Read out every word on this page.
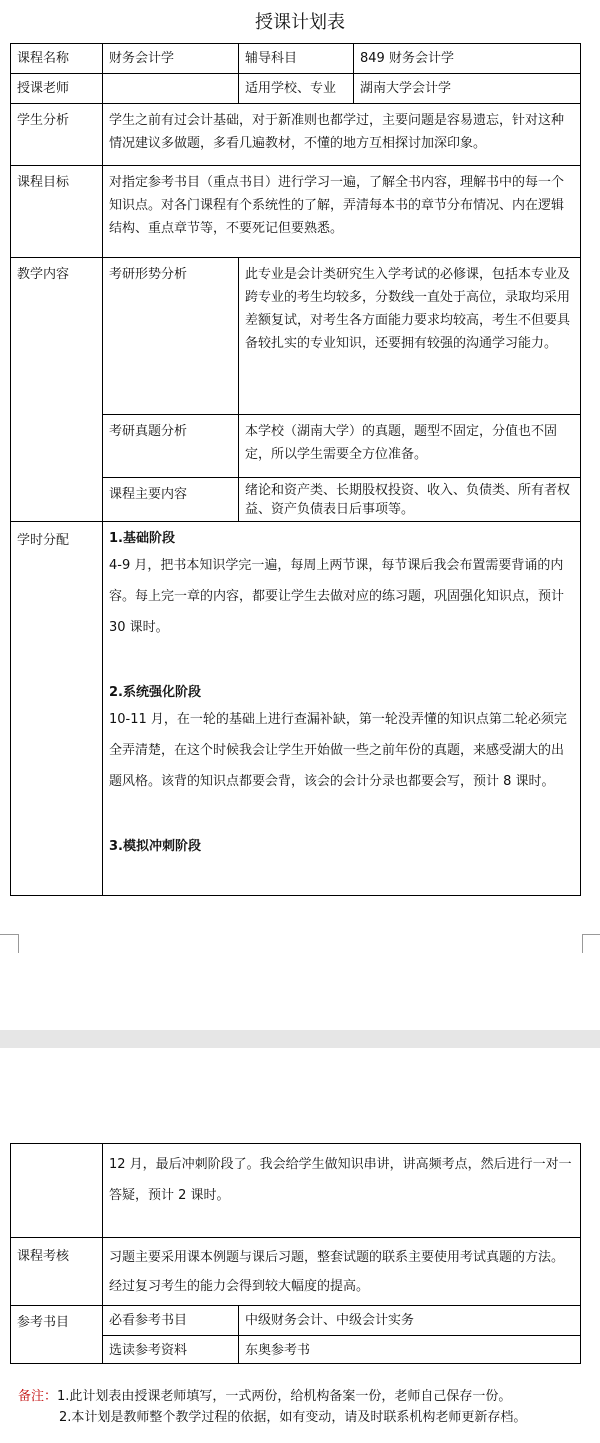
授课计划表
课程名称	财务会计学	辅导科目	849 财务会计学
授课老师		适用学校、专业	湖南大学会计学
学生分析	学生之前有过会计基础，对于新准则也都学过，主要问题是容易遗忘，针对这种情况建议多做题，多看几遍教材，不懂的地方互相探讨加深印象。		
课程目标	对指定参考书目（重点书目）进行学习一遍，了解全书内容，理解书中的每一个知识点。对各门课程有个系统性的了解，弄清每本书的章节分布情况、内在逻辑结构、重点章节等，不要死记但要熟悉。		
教学内容	考研形势分析	此专业是会计类研究生入学考试的必修课，包括本专业及跨专业的考生均较多，分数线一直处于高位，录取均采用差额复试，对考生各方面能力要求均较高，考生不但要具备较扎实的专业知识，还要拥有较强的沟通学习能力。	
	考研真题分析	本学校（湖南大学）的真题，题型不固定，分值也不固定，所以学生需要全方位准备。	
	课程主要内容	绪论和资产类、长期股权投资、收入、负债类、所有者权益、资产负债表日后事项等。	
学时分配	1.基础阶段
4-9 月，把书本知识学完一遍，每周上两节课，每节课后我会布置需要背诵的内容。每上完一章的内容，都要让学生去做对应的练习题，巩固强化知识点，预计 30 课时。
2.系统强化阶段
10-11 月，在一轮的基础上进行查漏补缺，第一轮没弄懂的知识点第二轮必须完全弄清楚，在这个时候我会让学生开始做一些之前年份的真题，来感受湖大的出题风格。该背的知识点都要会背，该会的会计分录也都要会写，预计 8 课时。
3.模拟冲刺阶段		
	12 月，最后冲刺阶段了。我会给学生做知识串讲，讲高频考点，然后进行一对一答疑，预计 2 课时。	
课程考核	习题主要采用课本例题与课后习题，整套试题的联系主要使用考试真题的方法。经过复习考生的能力会得到较大幅度的提高。	
参考书目	必看参考书目	中级财务会计、中级会计实务
	选读参考资料	东奥参考书
备注：1.此计划表由授课老师填写，一式两份，给机构备案一份，老师自己保存一份。
2.本计划是教师整个教学过程的依据，如有变动，请及时联系机构老师更新存档。
